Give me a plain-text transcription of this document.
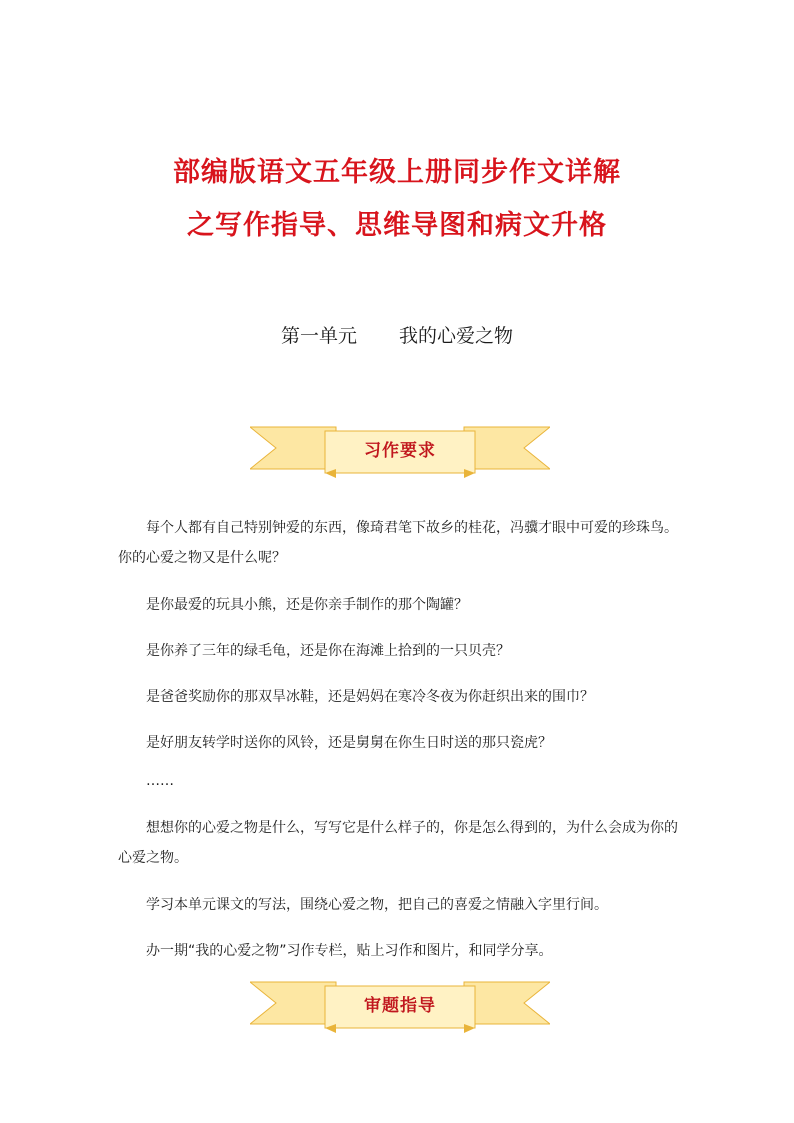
部编版语文五年级上册同步作文详解
之写作指导、思维导图和病文升格
第一单元 我的心爱之物
习作要求

每个人都有自己特别钟爱的东西，像琦君笔下故乡的桂花，冯骥才眼中可爱的珍珠鸟。你的心爱之物又是什么呢？

是你最爱的玩具小熊，还是你亲手制作的那个陶罐？

是你养了三年的绿毛龟，还是你在海滩上拾到的一只贝壳？

是爸爸奖励你的那双旱冰鞋，还是妈妈在寒冷冬夜为你赶织出来的围巾？

是好朋友转学时送你的风铃，还是舅舅在你生日时送的那只瓷虎？

……

想想你的心爱之物是什么，写写它是什么样子的，你是怎么得到的，为什么会成为你的心爱之物。

学习本单元课文的写法，围绕心爱之物，把自己的喜爱之情融入字里行间。

办一期“我的心爱之物”习作专栏，贴上习作和图片，和同学分享。

审题指导
